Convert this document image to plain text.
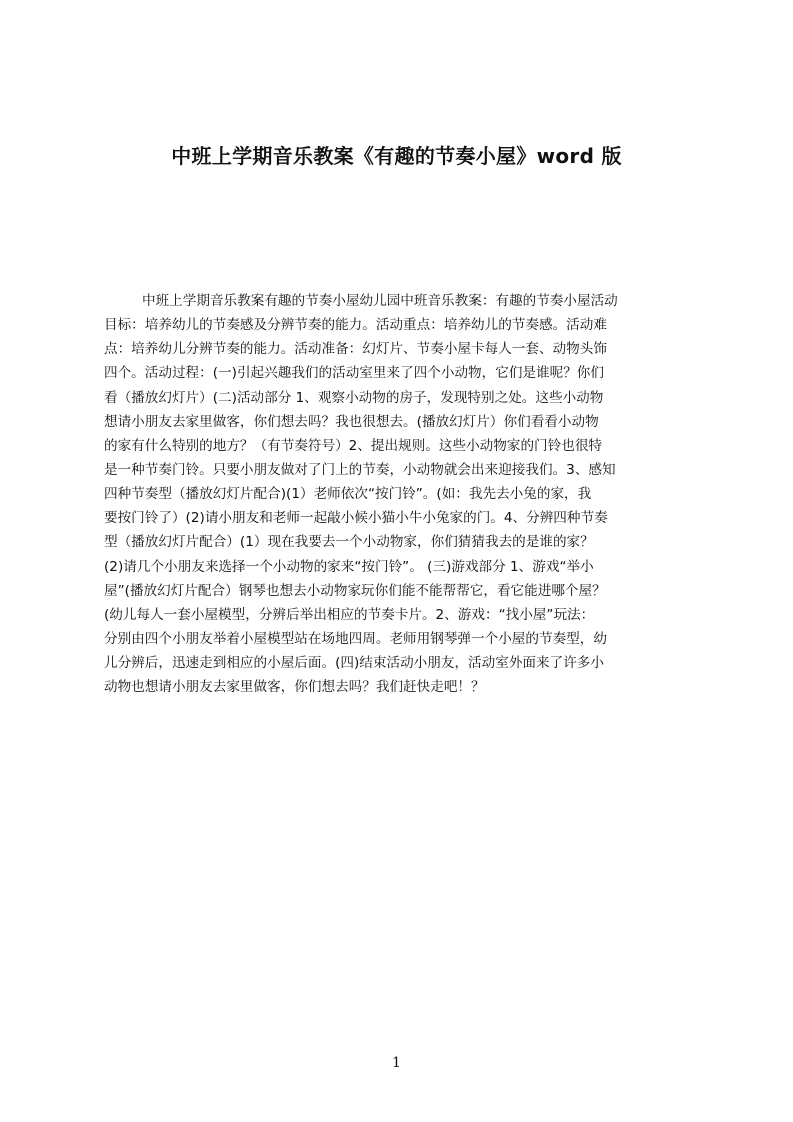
中班上学期音乐教案《有趣的节奏小屋》word 版
中班上学期音乐教案有趣的节奏小屋幼儿园中班音乐教案：有趣的节奏小屋活动
目标：培养幼儿的节奏感及分辨节奏的能力。活动重点：培养幼儿的节奏感。活动难
点：培养幼儿分辨节奏的能力。活动准备：幻灯片、节奏小屋卡每人一套、动物头饰
四个。活动过程：(一)引起兴趣我们的活动室里来了四个小动物，它们是谁呢？你们
看（播放幻灯片）(二)活动部分 1、观察小动物的房子，发现特别之处。这些小动物
想请小朋友去家里做客，你们想去吗？我也很想去。(播放幻灯片）你们看看小动物
的家有什么特别的地方？（有节奏符号）2、提出规则。这些小动物家的门铃也很特
是一种节奏门铃。只要小朋友做对了门上的节奏，小动物就会出来迎接我们。3、感知
四种节奏型（播放幻灯片配合)(1）老师依次“按门铃”。(如：我先去小兔的家，我
要按门铃了）(2)请小朋友和老师一起敲小候小猫小牛小兔家的门。4、分辨四种节奏
型（播放幻灯片配合）(1）现在我要去一个小动物家，你们猜猜我去的是谁的家？
(2)请几个小朋友来选择一个小动物的家来“按门铃”。 (三)游戏部分 1、游戏“举小
屋”(播放幻灯片配合）钢琴也想去小动物家玩你们能不能帮帮它，看它能进哪个屋？
(幼儿每人一套小屋模型，分辨后举出相应的节奏卡片。2、游戏：“找小屋”玩法：
分别由四个小朋友举着小屋模型站在场地四周。老师用钢琴弹一个小屋的节奏型，幼
儿分辨后，迅速走到相应的小屋后面。(四)结束活动小朋友，活动室外面来了许多小
动物也想请小朋友去家里做客，你们想去吗？我们赶快走吧！？
1
